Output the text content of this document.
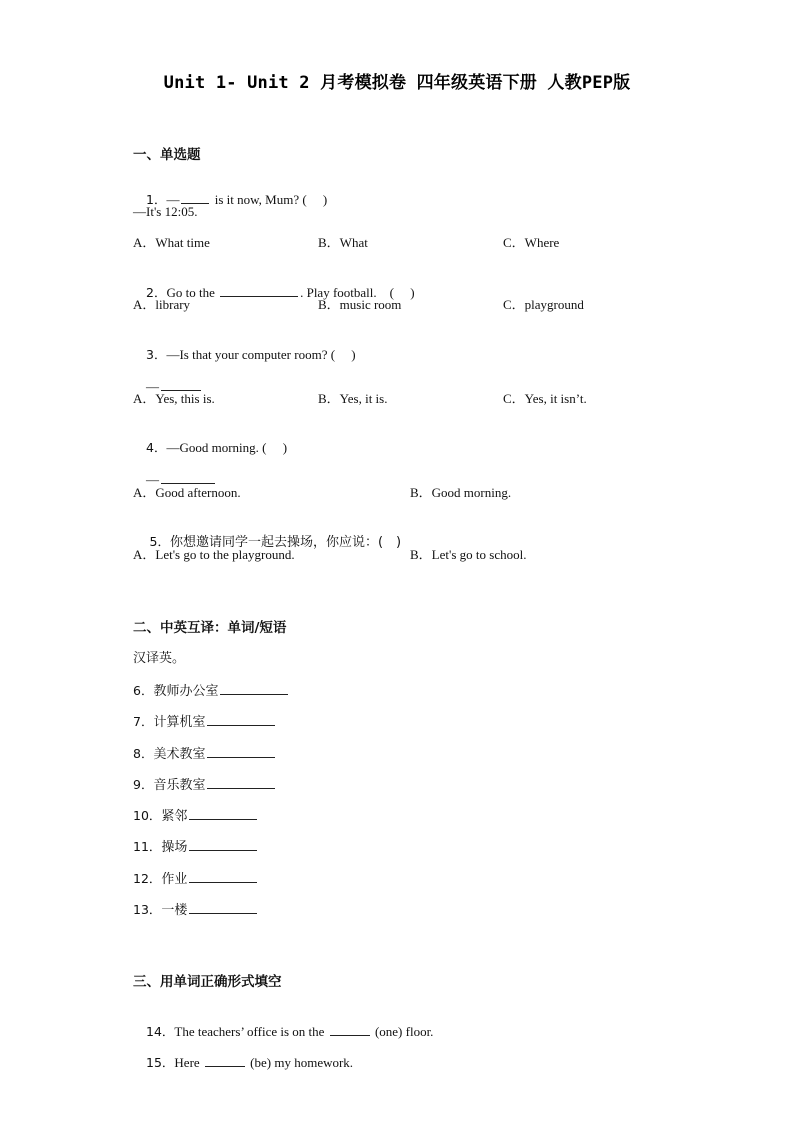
Unit 1- Unit 2 月考模拟卷 四年级英语下册 人教PEP版
一、单选题

1．— is it now, Mum? (　 )

—It's 12:05.
A．What time	B．What	C．Where

2．Go to the	. Play football.　(　 )

A．library	B．music room	C．playground

3．—Is that your computer room? (　 )

—

A．Yes, this is.	B．Yes, it is.	C．Yes, it isn’t.

4．—Good morning. (　 )

—

A．Good afternoon.	B．Good morning.

5．你想邀请同学一起去操场，你应说：(　)

A．Let's go to the playground.	B．Let's go to school.
二、中英互译：单词/短语
汉译英。
6．教师办公室
7．计算机室
8．美术教室
9．音乐教室
10．紧邻
11．操场
12．作业
13．一楼
三、用单词正确形式填空

14．The teachers’ office is on the	(one) floor.

15．Here	(be) my homework.
